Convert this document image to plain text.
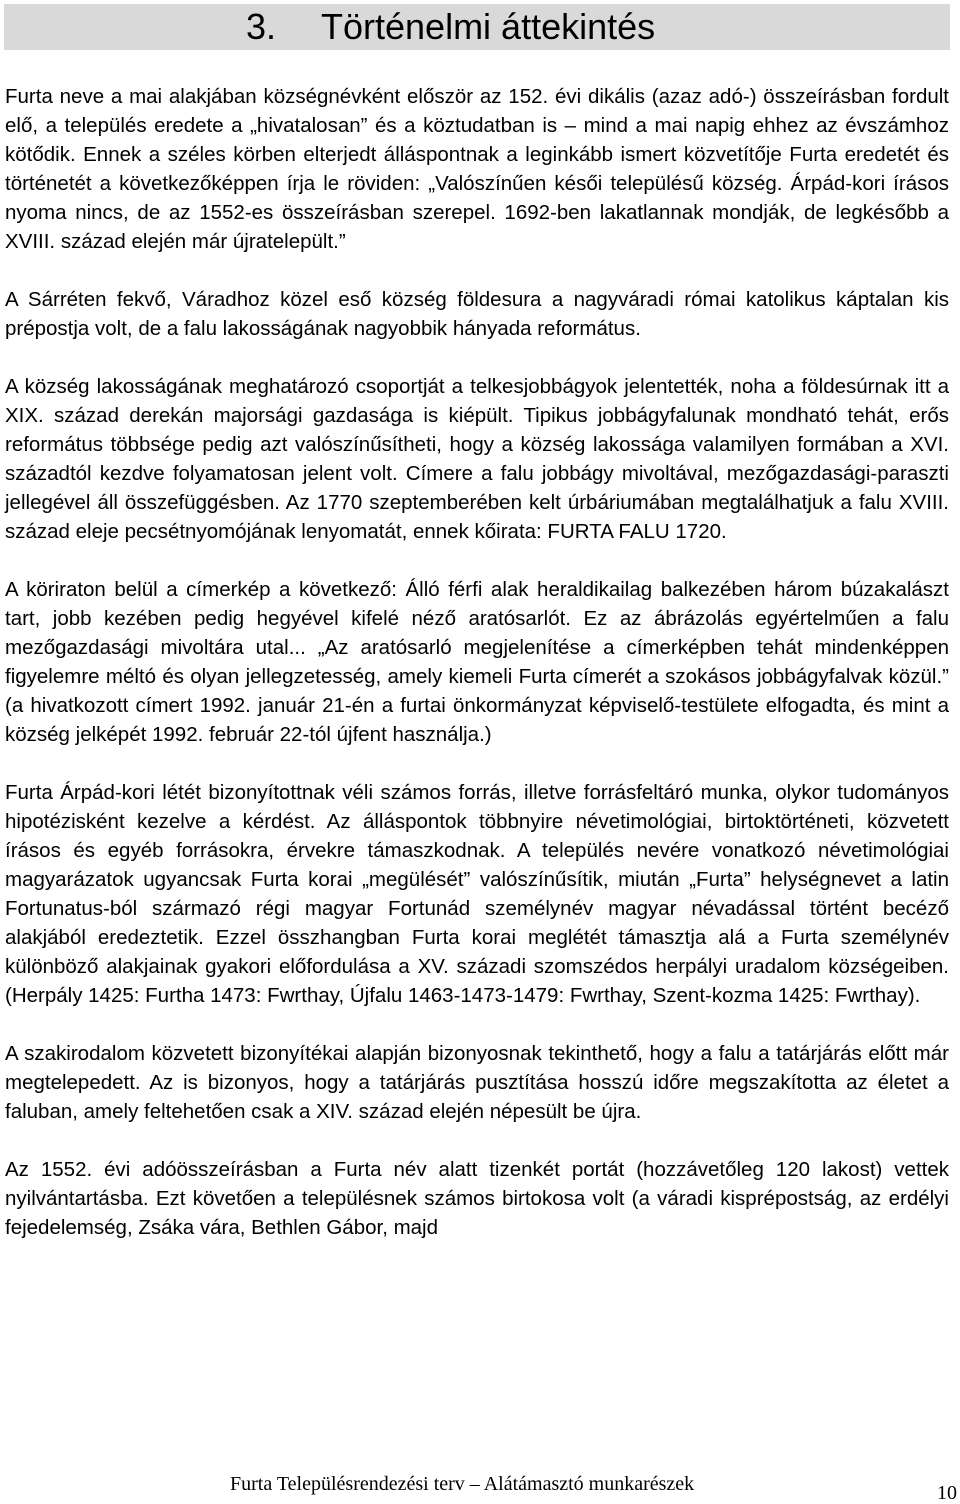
3. Történelmi áttekintés

Furta neve a mai alakjában községnévként először az 152. évi dikális (azaz adó-) összeírásban fordult elő, a település eredete a „hivatalosan” és a köztudatban is – mind a mai napig ehhez az évszámhoz kötődik. Ennek a széles körben elterjedt álláspontnak a leginkább ismert közvetítője Furta eredetét és történetét a következőképpen írja le röviden: „Valószínűen késői településű község. Árpád-kori írásos nyoma nincs, de az 1552-es összeírásban szerepel. 1692-ben lakatlannak mondják, de legkésőbb a XVIII. század elején már újratelepült.”

A Sárréten fekvő, Váradhoz közel eső község földesura a nagyváradi római katolikus káptalan kis prépostja volt, de a falu lakosságának nagyobbik hányada református.

A község lakosságának meghatározó csoportját a telkesjobbágyok jelentették, noha a földesúrnak itt a XIX. század derekán majorsági gazdasága is kiépült. Tipikus jobbágyfalunak mondható tehát, erős református többsége pedig azt valószínűsítheti, hogy a község lakossága valamilyen formában a XVI. századtól kezdve folyamatosan jelent volt. Címere a falu jobbágy mivoltával, mezőgazdasági-paraszti jellegével áll összefüggésben. Az 1770 szeptemberében kelt úrbáriumában megtalálhatjuk a falu XVIII. század eleje pecsétnyomójának lenyomatát, ennek kőirata: FURTA FALU 1720.

A köriraton belül a címerkép a következő: Álló férfi alak heraldikailag balkezében három búzakalászt tart, jobb kezében pedig hegyével kifelé néző aratósarlót. Ez az ábrázolás egyértelműen a falu mezőgazdasági mivoltára utal... „Az aratósarló megjelenítése a címerképben tehát mindenképpen figyelemre méltó és olyan jellegzetesség, amely kiemeli Furta címerét a szokásos jobbágyfalvak közül.” (a hivatkozott címert 1992. január 21-én a furtai önkormányzat képviselő-testülete elfogadta, és mint a község jelképét 1992. február 22-tól újfent használja.)

Furta Árpád-kori létét bizonyítottnak véli számos forrás, illetve forrásfeltáró munka, olykor tudományos hipotézisként kezelve a kérdést. Az álláspontok többnyire névetimológiai, birtoktörténeti, közvetett írásos és egyéb forrásokra, érvekre támaszkodnak. A település nevére vonatkozó névetimológiai magyarázatok ugyancsak Furta korai „megülését” valószínűsítik, miután „Furta” helységnevet a latin Fortunatus-ból származó régi magyar Fortunád személynév magyar névadással történt becéző alakjából eredeztetik. Ezzel összhangban Furta korai meglétét támasztja alá a Furta személynév különböző alakjainak gyakori előfordulása a XV. századi szomszédos herpályi uradalom községeiben. (Herpály 1425: Furtha 1473: Fwrthay, Újfalu 1463-1473-1479: Fwrthay, Szent-kozma 1425: Fwrthay).

A szakirodalom közvetett bizonyítékai alapján bizonyosnak tekinthető, hogy a falu a tatárjárás előtt már megtelepedett. Az is bizonyos, hogy a tatárjárás pusztítása hosszú időre megszakította az életet a faluban, amely feltehetően csak a XIV. század elején népesült be újra.

Az 1552. évi adóösszeírásban a Furta név alatt tizenkét portát (hozzávetőleg 120 lakost) vettek nyilvántartásba. Ezt követően a településnek számos birtokosa volt (a váradi kisprépostság, az erdélyi fejedelemség, Zsáka vára, Bethlen Gábor, majd

Furta Településrendezési terv – Alátámasztó munkarészek	10
